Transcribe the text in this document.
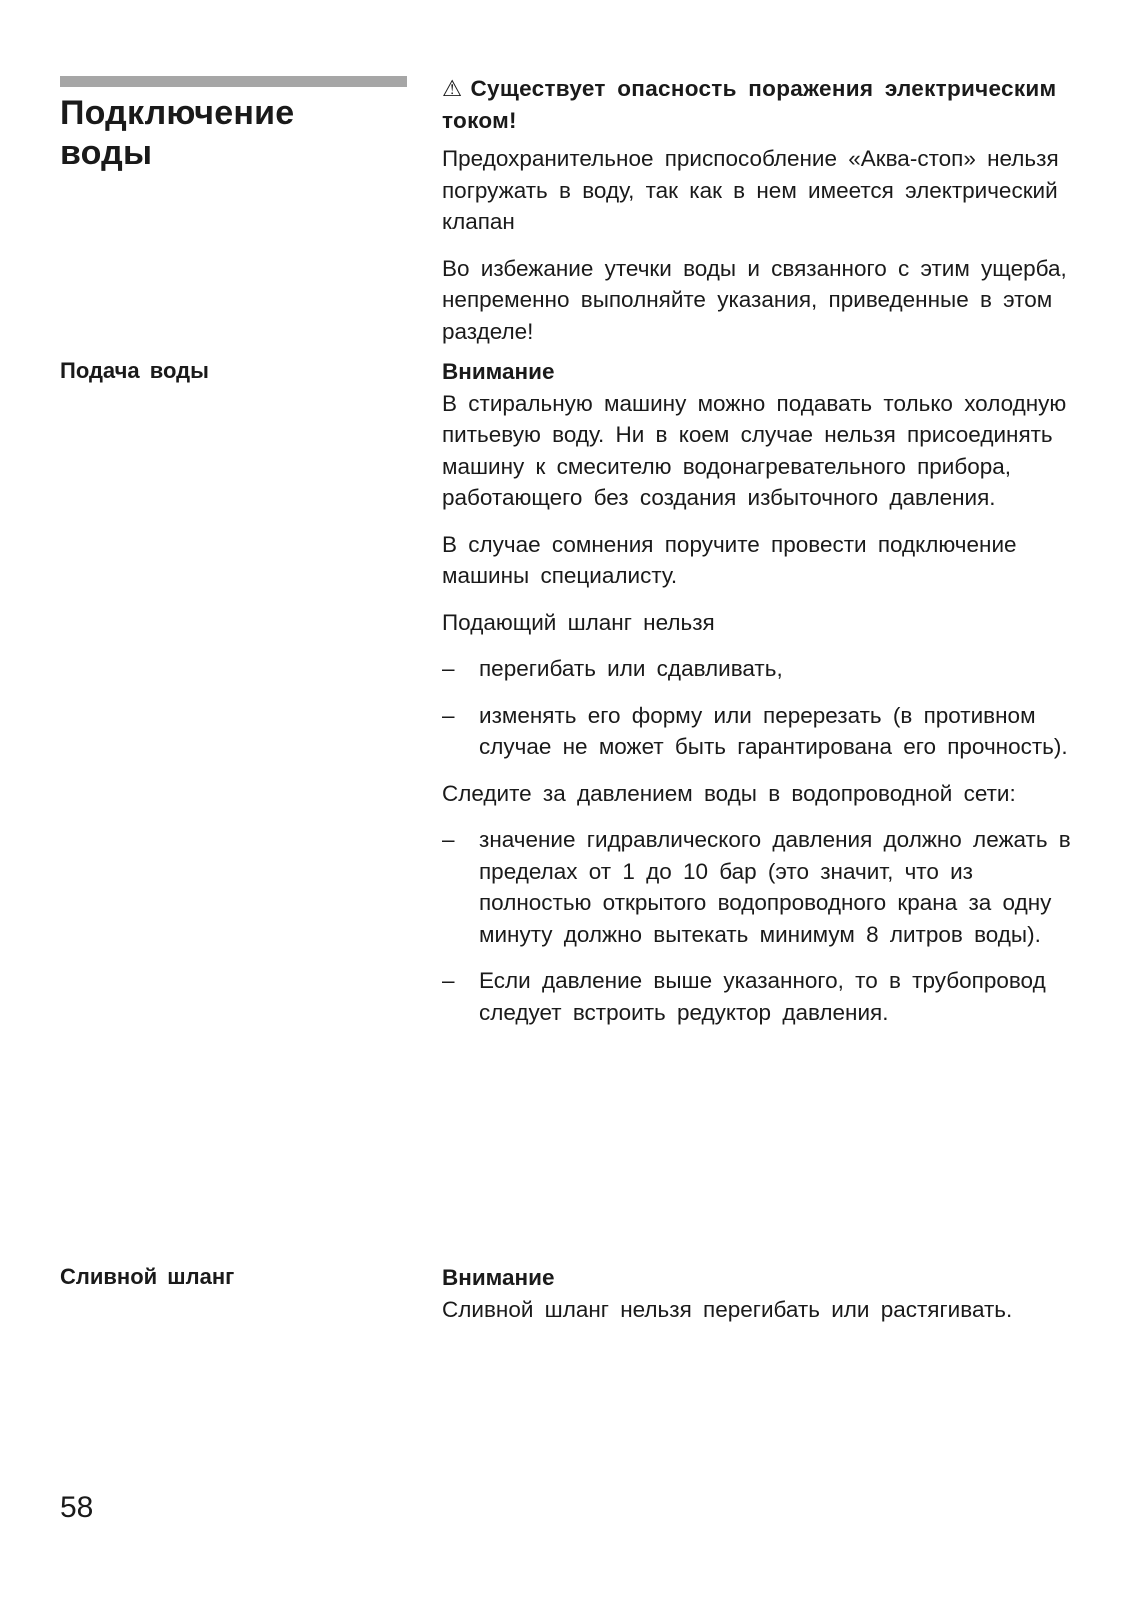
Подключение
воды

⚠ Существует опасность поражения электрическим током!

Предохранительное приспособление «Аква-стоп» нельзя погружать в воду, так как в нем имеется электрический клапан

Во избежание утечки воды и связанного с этим ущерба, непременно выполняйте указания, приведенные в этом разделе!

Подача воды	Внимание

В стиральную машину можно подавать только холодную питьевую воду. Ни в коем случае нельзя присоединять машину к смесителю водонагревательного прибора, работающего без создания избыточного давления.

В случае сомнения поручите провести подключение машины специалисту.

Подающий шланг нельзя

– перегибать или сдавливать,
– изменять его форму или перерезать (в противном случае не может быть гарантирована его прочность).

Следите за давлением воды в водопроводной сети:

– значение гидравлического давления должно лежать в пределах от 1 до 10 бар (это значит, что из полностью открытого водопроводного крана за одну минуту должно вытекать минимум 8 литров воды).
– Если давление выше указанного, то в трубопровод следует встроить редуктор давления.
Сливной шланг	Внимание

Сливной шланг нельзя перегибать или растягивать.

58
